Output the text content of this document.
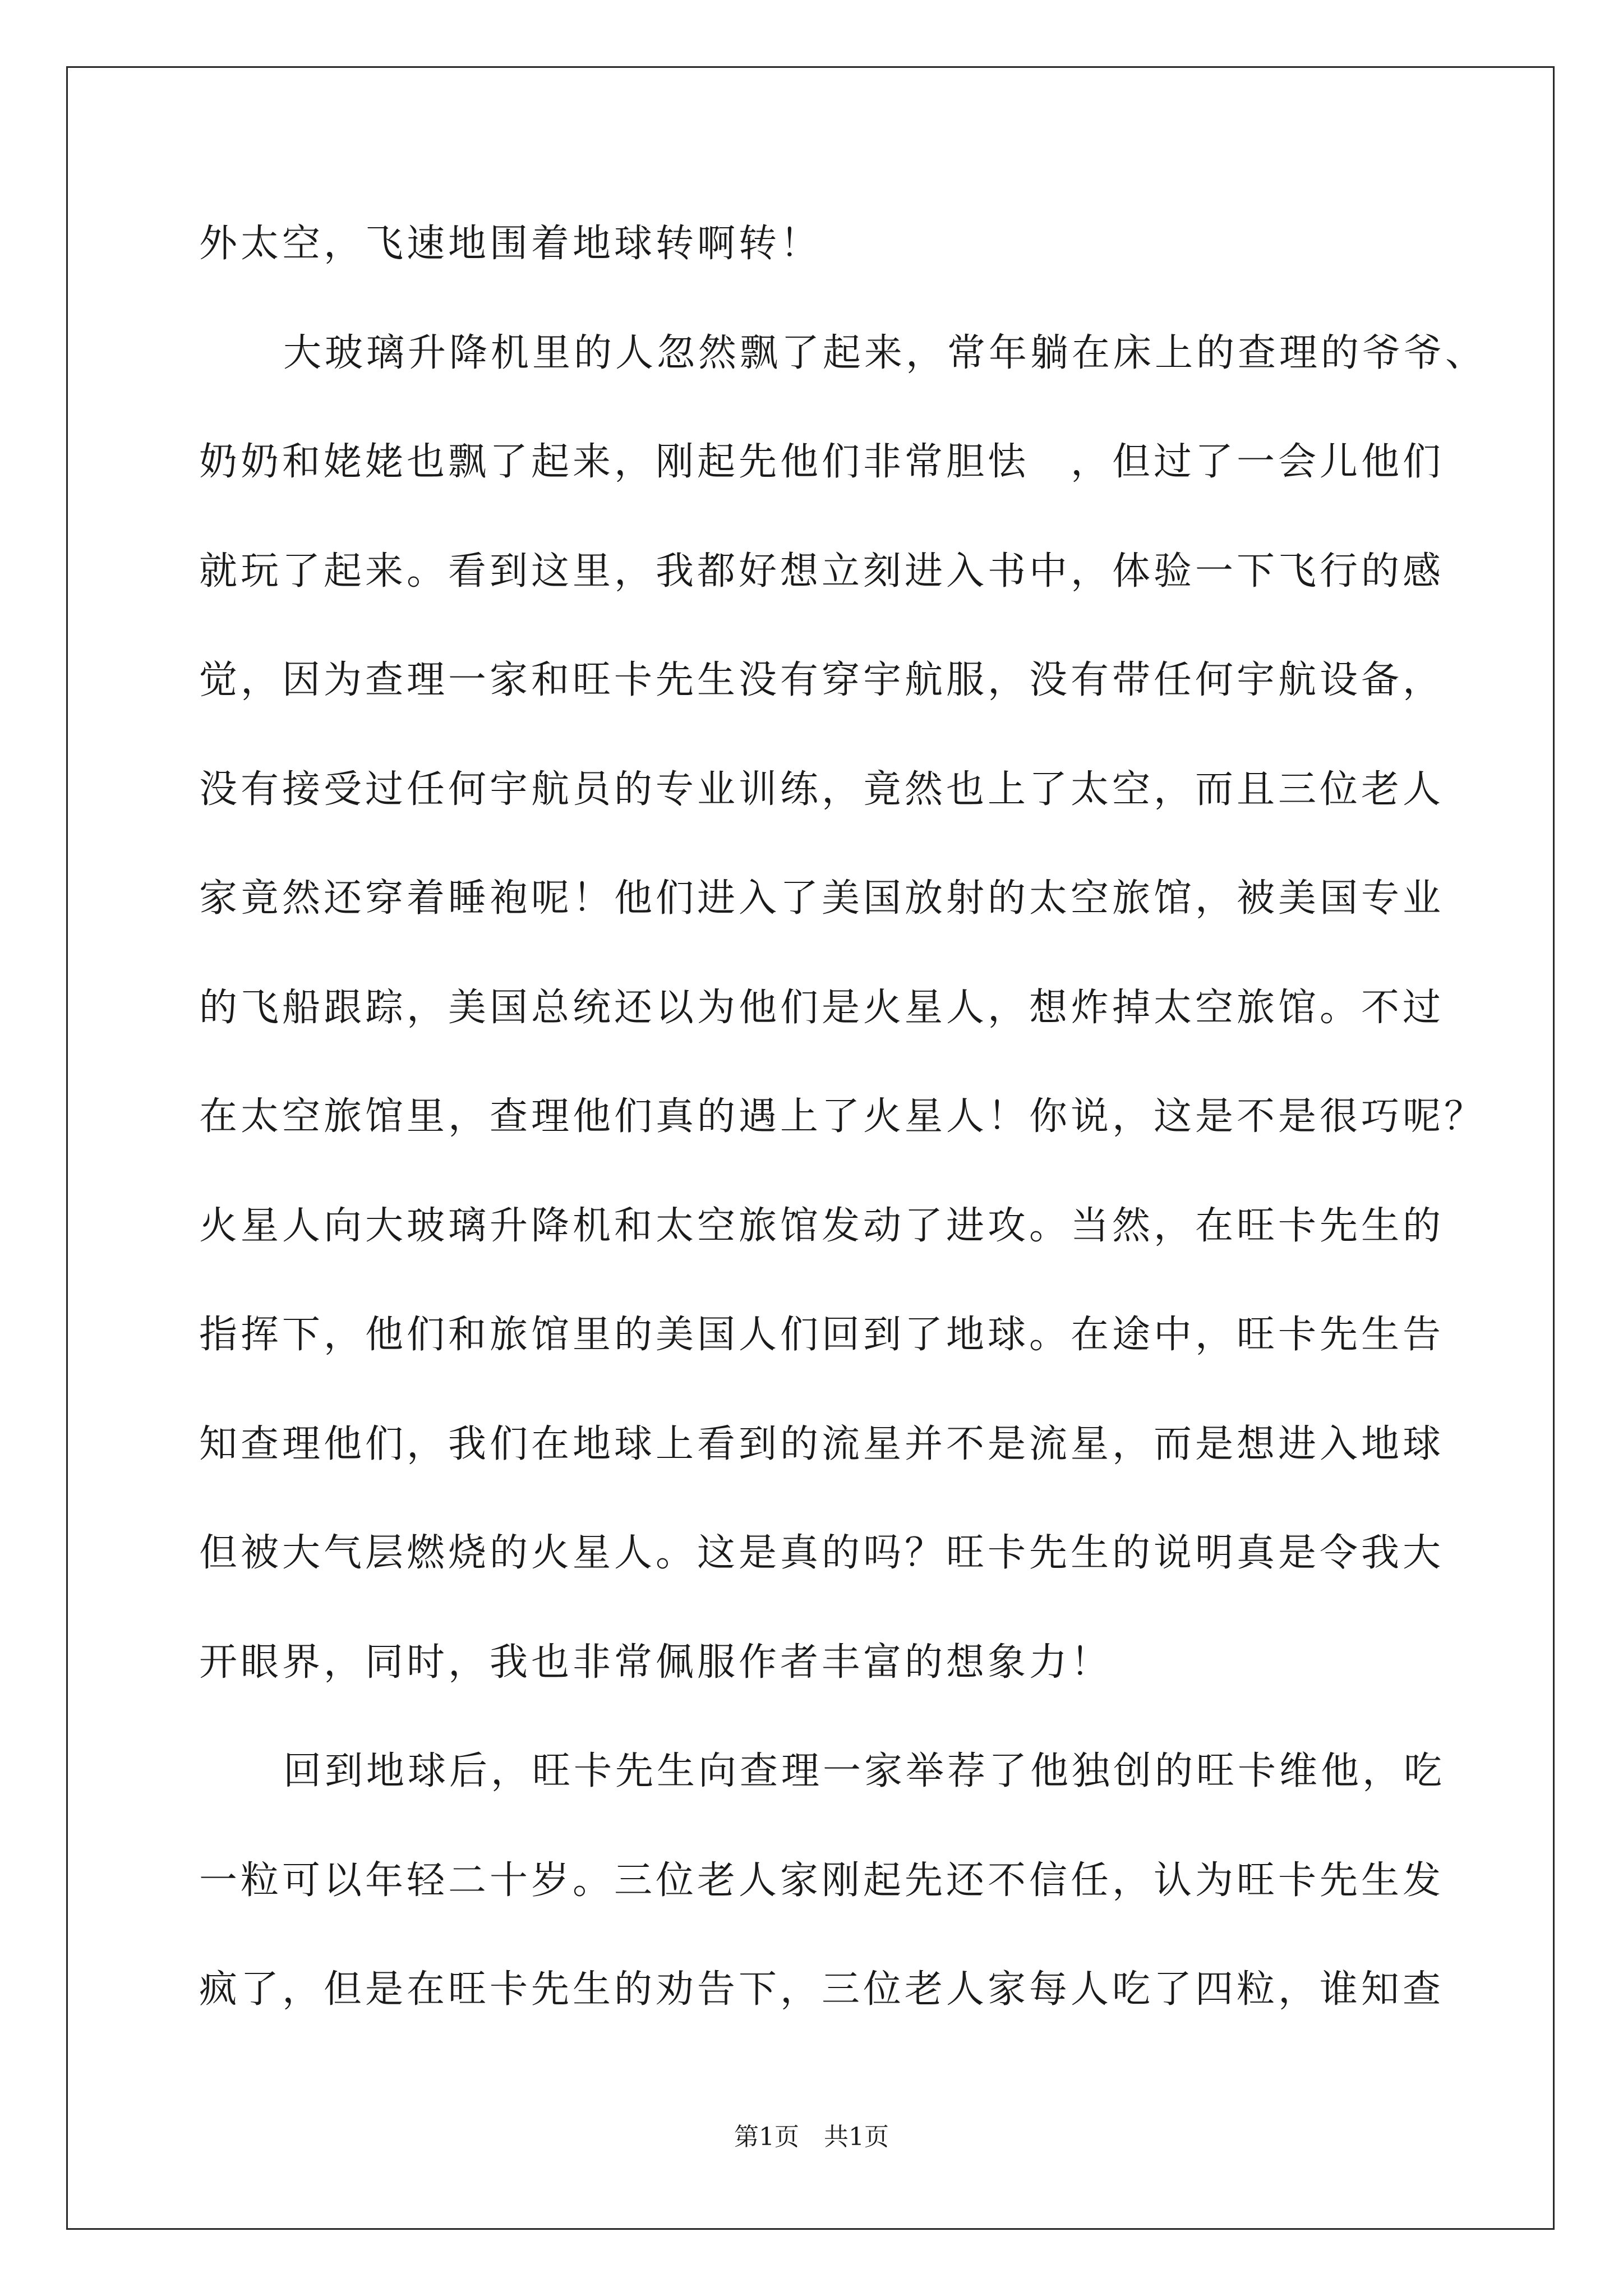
外太空，飞速地围着地球转啊转！
大玻璃升降机里的人忽然飘了起来，常年躺在床上的查理的爷爷、
奶奶和姥姥也飘了起来，刚起先他们非常胆怯　，但过了一会儿他们
就玩了起来。看到这里，我都好想立刻进入书中，体验一下飞行的感
觉，因为查理一家和旺卡先生没有穿宇航服，没有带任何宇航设备，
没有接受过任何宇航员的专业训练，竟然也上了太空，而且三位老人
家竟然还穿着睡袍呢！他们进入了美国放射的太空旅馆，被美国专业
的飞船跟踪，美国总统还以为他们是火星人，想炸掉太空旅馆。不过
在太空旅馆里，查理他们真的遇上了火星人！你说，这是不是很巧呢？
火星人向大玻璃升降机和太空旅馆发动了进攻。当然，在旺卡先生的
指挥下，他们和旅馆里的美国人们回到了地球。在途中，旺卡先生告
知查理他们，我们在地球上看到的流星并不是流星，而是想进入地球
但被大气层燃烧的火星人。这是真的吗？旺卡先生的说明真是令我大
开眼界，同时，我也非常佩服作者丰富的想象力！
回到地球后，旺卡先生向查理一家举荐了他独创的旺卡维他，吃
一粒可以年轻二十岁。三位老人家刚起先还不信任，认为旺卡先生发
疯了，但是在旺卡先生的劝告下，三位老人家每人吃了四粒，谁知查
第1页　共1页
